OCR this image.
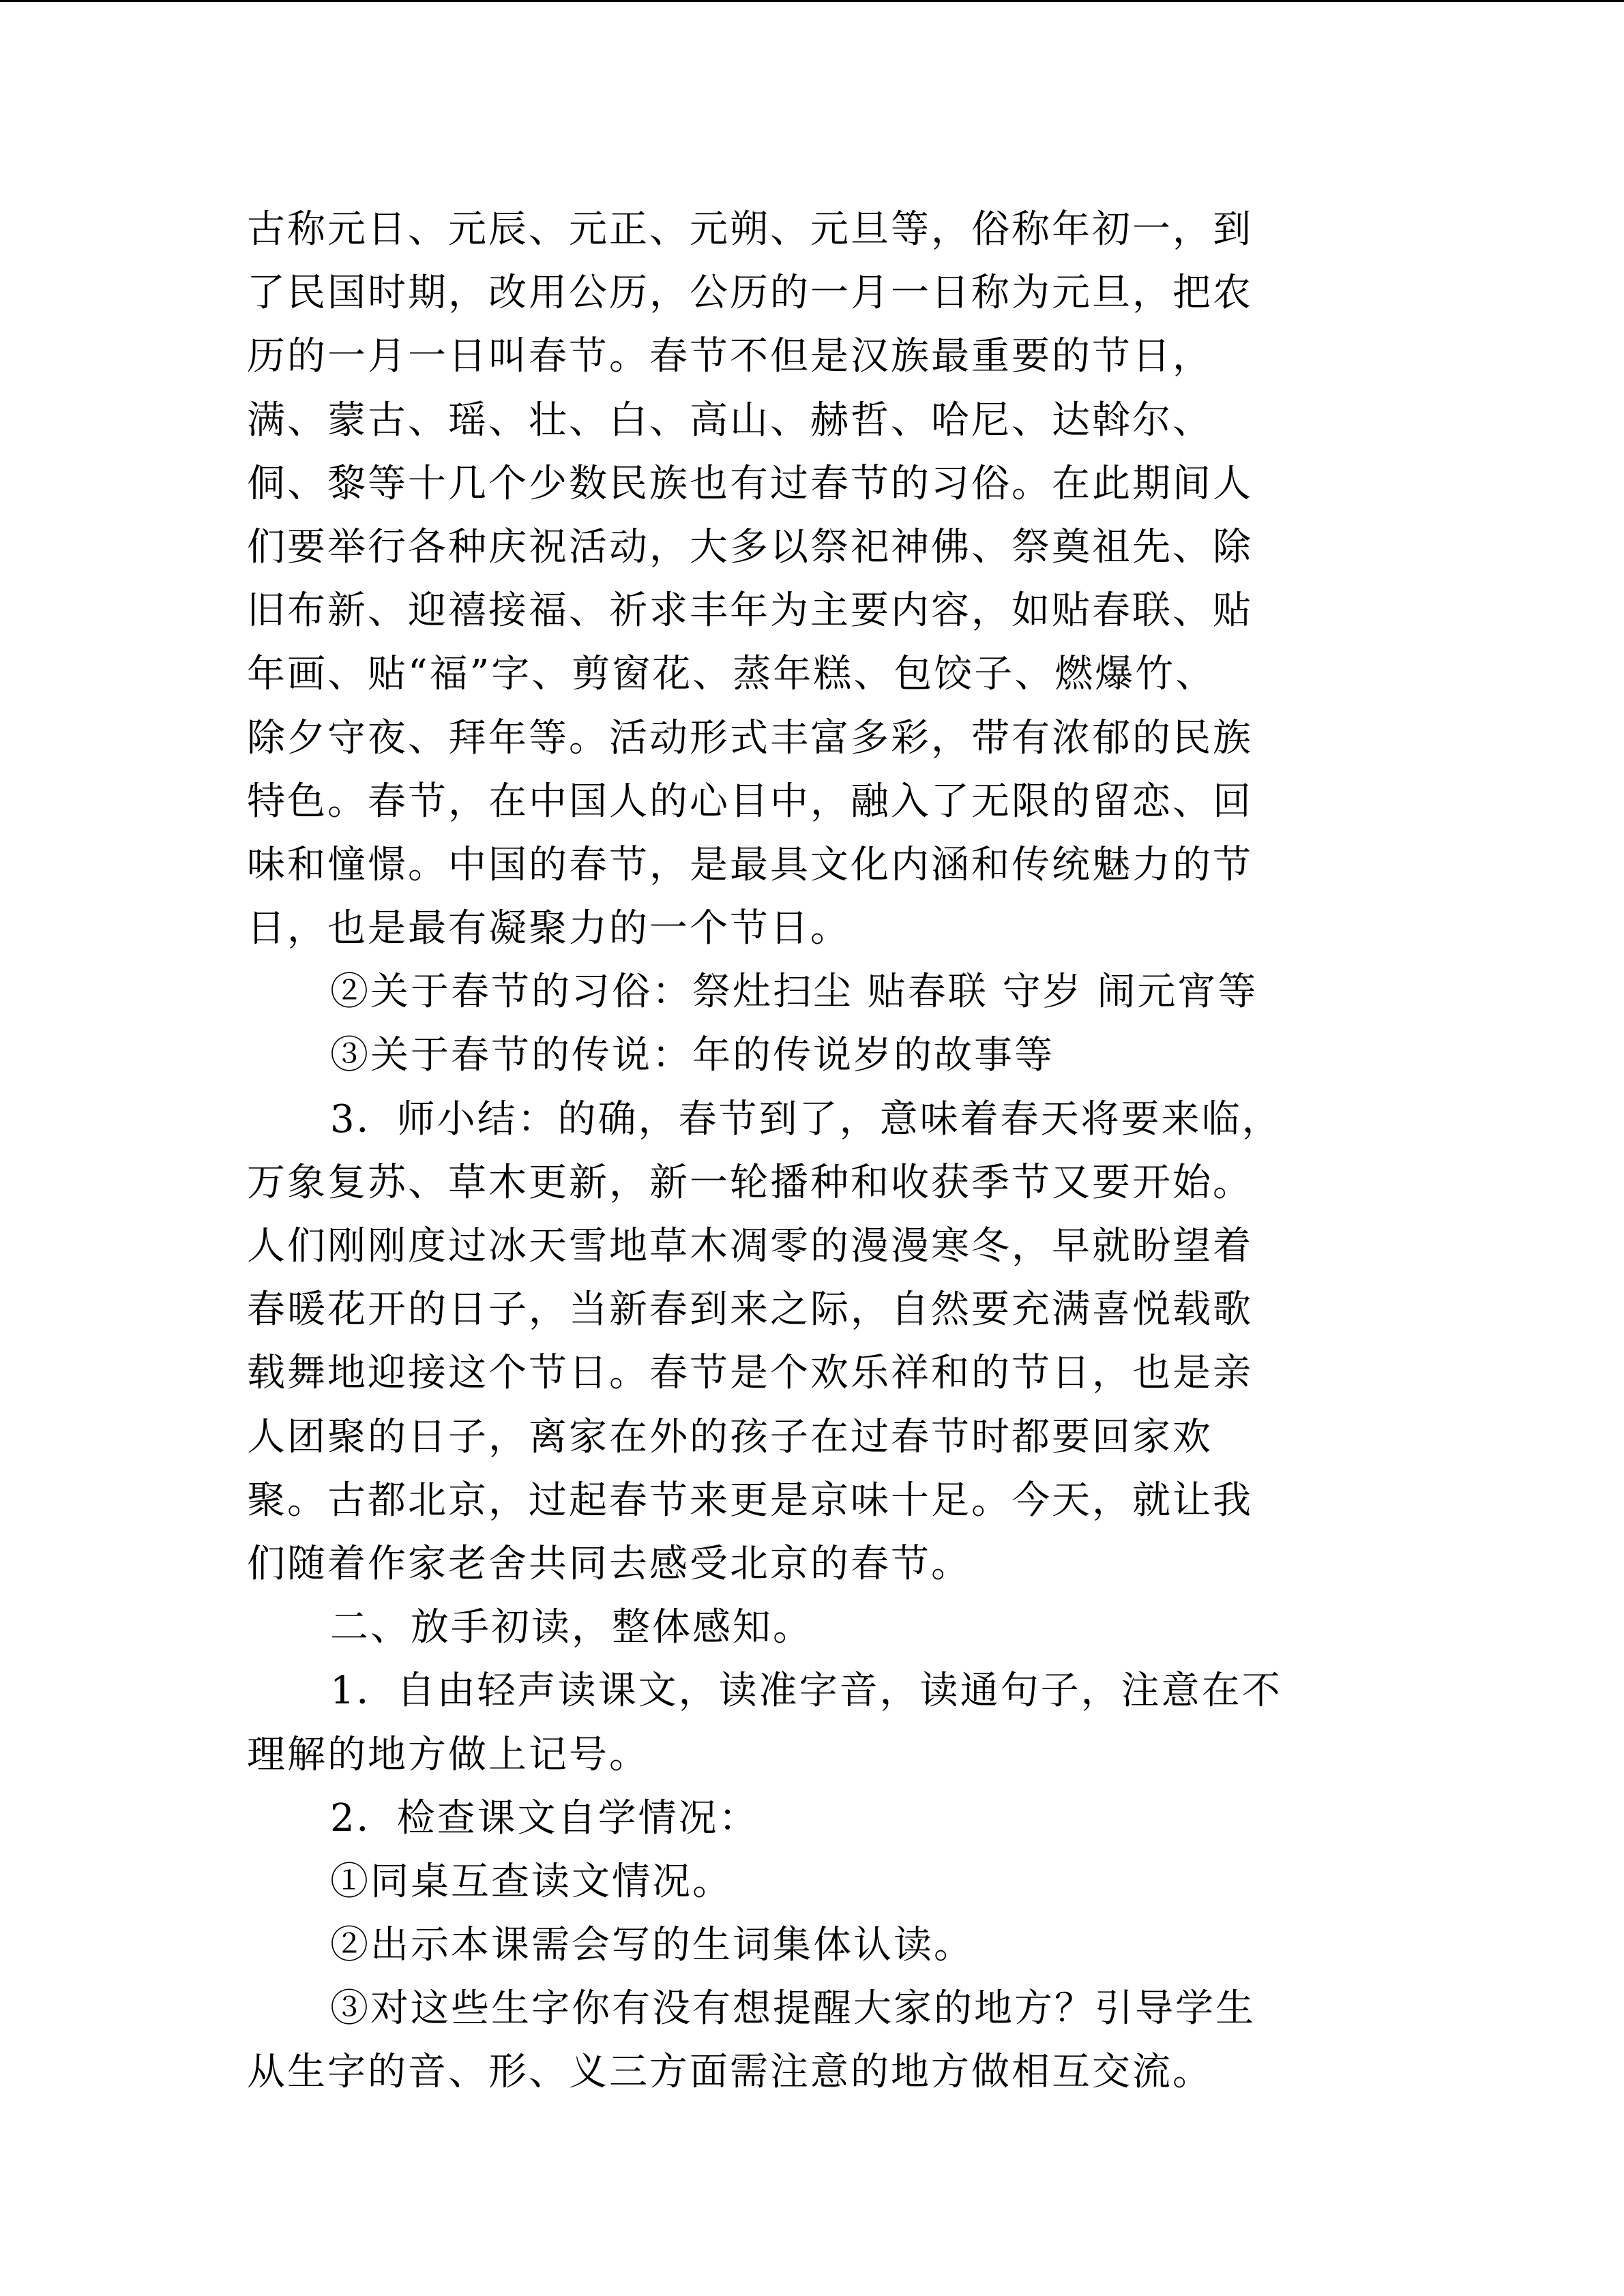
古称元日、元辰、元正、元朔、元旦等，俗称年初一，到
了民国时期，改用公历，公历的一月一日称为元旦，把农
历的一月一日叫春节。春节不但是汉族最重要的节日，
满、蒙古、瑶、壮、白、高山、赫哲、哈尼、达斡尔、
侗、黎等十几个少数民族也有过春节的习俗。在此期间人
们要举行各种庆祝活动，大多以祭祀神佛、祭奠祖先、除
旧布新、迎禧接福、祈求丰年为主要内容，如贴春联、贴
年画、贴“福”字、剪窗花、蒸年糕、包饺子、燃爆竹、
除夕守夜、拜年等。活动形式丰富多彩，带有浓郁的民族
特色。春节，在中国人的心目中，融入了无限的留恋、回
味和憧憬。中国的春节，是最具文化内涵和传统魅力的节
日，也是最有凝聚力的一个节日。
②关于春节的习俗：祭灶扫尘 贴春联 守岁 闹元宵等
③关于春节的传说：年的传说岁的故事等
3．师小结：的确，春节到了，意味着春天将要来临，
万象复苏、草木更新，新一轮播种和收获季节又要开始。
人们刚刚度过冰天雪地草木凋零的漫漫寒冬，早就盼望着
春暖花开的日子，当新春到来之际，自然要充满喜悦载歌
载舞地迎接这个节日。春节是个欢乐祥和的节日，也是亲
人团聚的日子，离家在外的孩子在过春节时都要回家欢
聚。古都北京，过起春节来更是京味十足。今天，就让我
们随着作家老舍共同去感受北京的春节。
二、放手初读，整体感知。
1．自由轻声读课文，读准字音，读通句子，注意在不
理解的地方做上记号。
2．检查课文自学情况：
①同桌互查读文情况。
②出示本课需会写的生词集体认读。
③对这些生字你有没有想提醒大家的地方？引导学生
从生字的音、形、义三方面需注意的地方做相互交流。
